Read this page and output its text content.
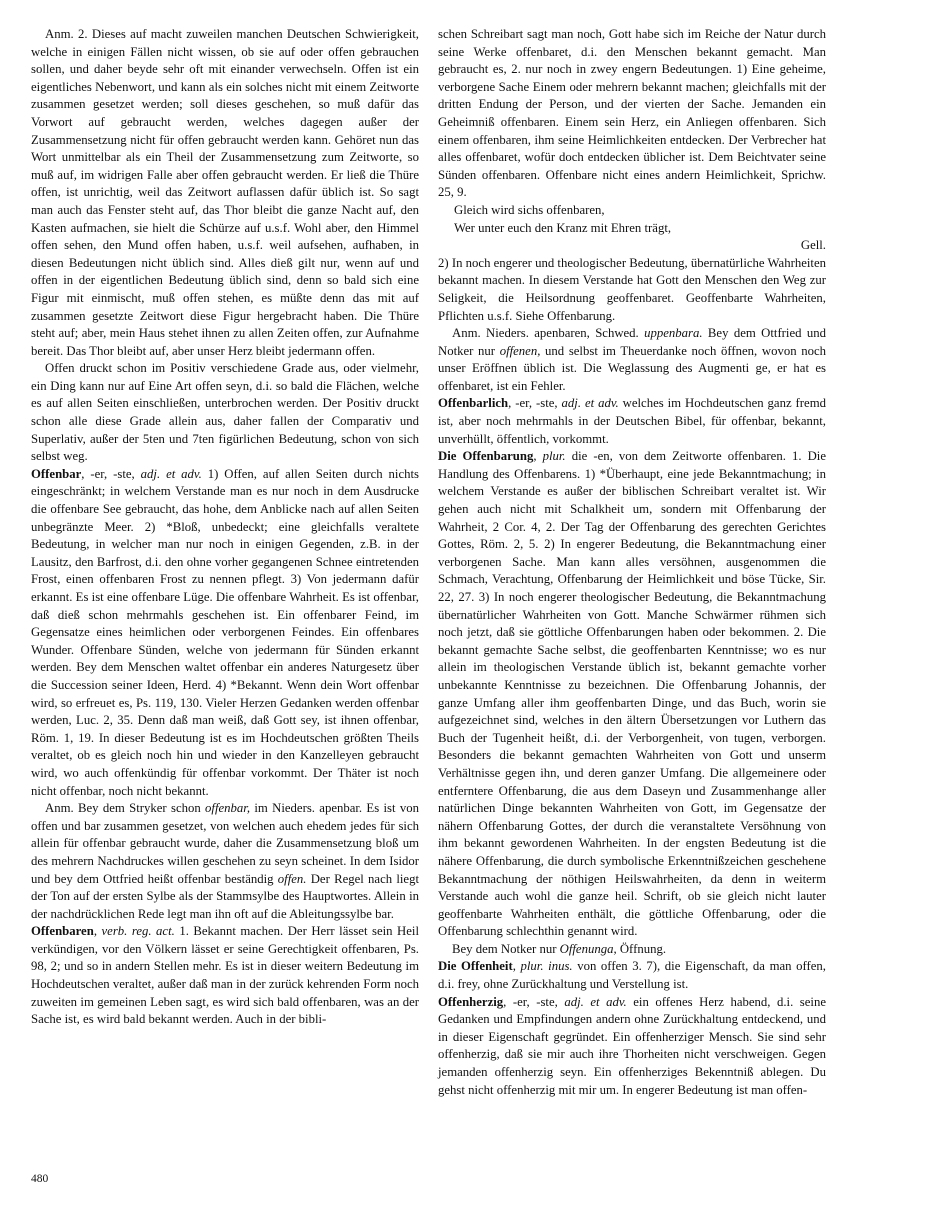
Anm. 2. Dieses auf macht zuweilen manchen Deutschen Schwierigkeit, welche in einigen Fällen nicht wissen, ob sie auf oder offen gebrauchen sollen, und daher beyde sehr oft mit einander verwechseln. Offen ist ein eigentliches Nebenwort, und kann als ein solches nicht mit einem Zeitworte zusammen gesetzet werden; soll dieses geschehen, so muß dafür das Vorwort auf gebraucht werden, welches dagegen außer der Zusammensetzung nicht für offen gebraucht werden kann. Gehöret nun das Wort unmittelbar als ein Theil der Zusammensetzung zum Zeitworte, so muß auf, im widrigen Falle aber offen gebraucht werden. Er ließ die Thüre offen, ist unrichtig, weil das Zeitwort auflassen dafür üblich ist. So sagt man auch das Fenster steht auf, das Thor bleibt die ganze Nacht auf, den Kasten aufmachen, sie hielt die Schürze auf u.s.f. Wohl aber, den Himmel offen sehen, den Mund offen haben, u.s.f. weil aufsehen, aufhaben, in diesen Bedeutungen nicht üblich sind. Alles dieß gilt nur, wenn auf und offen in der eigentlichen Bedeutung üblich sind, denn so bald sich eine Figur mit einmischt, muß offen stehen, es müßte denn das mit auf zusammen gesetzte Zeitwort diese Figur hergebracht haben. Die Thüre steht auf; aber, mein Haus stehet ihnen zu allen Zeiten offen, zur Aufnahme bereit. Das Thor bleibt auf, aber unser Herz bleibt jedermann offen.

Offen druckt schon im Positiv verschiedene Grade aus, oder vielmehr, ein Ding kann nur auf Eine Art offen seyn, d.i. so bald die Flächen, welche es auf allen Seiten einschließen, unterbrochen werden. Der Positiv druckt schon alle diese Grade allein aus, daher fallen der Comparativ und Superlativ, außer der 5ten und 7ten figürlichen Bedeutung, schon von sich selbst weg.

Offenbar, -er, -ste, adj. et adv. 1) Offen, auf allen Seiten durch nichts eingeschränkt; in welchem Verstande man es nur noch in dem Ausdrucke die offenbare See gebraucht, das hohe, dem Anblicke nach auf allen Seiten unbegränzte Meer. 2) *Bloß, unbedeckt; eine gleichfalls veraltete Bedeutung, in welcher man nur noch in einigen Gegenden, z.B. in der Lausitz, den Barfrost, d.i. den ohne vorher gegangenen Schnee eintretenden Frost, einen offenbaren Frost zu nennen pflegt. 3) Von jedermann dafür erkannt. Es ist eine offenbare Lüge. Die offenbare Wahrheit. Es ist offenbar, daß dieß schon mehrmahls geschehen ist. Ein offenbarer Feind, im Gegensatze eines heimlichen oder verborgenen Feindes. Ein offenbares Wunder. Offenbare Sünden, welche von jedermann für Sünden erkannt werden. Bey dem Menschen waltet offenbar ein anderes Naturgesetz über die Succession seiner Ideen, Herd. 4) *Bekannt. Wenn dein Wort offenbar wird, so erfreuet es, Ps. 119, 130. Vieler Herzen Gedanken werden offenbar werden, Luc. 2, 35. Denn daß man weiß, daß Gott sey, ist ihnen offenbar, Röm. 1, 19. In dieser Bedeutung ist es im Hochdeutschen größten Theils veraltet, ob es gleich noch hin und wieder in den Kanzelleyen gebraucht wird, wo auch offenkündig für offenbar vorkommt. Der Thäter ist noch nicht offenbar, noch nicht bekannt.

Anm. Bey dem Stryker schon offenbar, im Nieders. apenbar. Es ist von offen und bar zusammen gesetzet, von welchen auch ehedem jedes für sich allein für offenbar gebraucht wurde, daher die Zusammensetzung bloß um des mehrern Nachdruckes willen geschehen zu seyn scheinet. In dem Isidor und bey dem Ottfried heißt offenbar beständig offen. Der Regel nach liegt der Ton auf der ersten Sylbe als der Stammsylbe des Hauptwortes. Allein in der nachdrücklichen Rede legt man ihn oft auf die Ableitungssylbe bar.

Offenbaren, verb. reg. act. 1. Bekannt machen. Der Herr lässet sein Heil verkündigen, vor den Völkern lässet er seine Gerechtigkeit offenbaren, Ps. 98, 2; und so in andern Stellen mehr. Es ist in dieser weitern Bedeutung im Hochdeutschen veraltet, außer daß man in der zurück kehrenden Form noch zuweiten im gemeinen Leben sagt, es wird sich bald offenbaren, was an der Sache ist, es wird bald bekannt werden. Auch in der bibli-

schen Schreibart sagt man noch, Gott habe sich im Reiche der Natur durch seine Werke offenbaret, d.i. den Menschen bekannt gemacht. Man gebraucht es, 2. nur noch in zwey engern Bedeutungen. 1) Eine geheime, verborgene Sache Einem oder mehrern bekannt machen; gleichfalls mit der dritten Endung der Person, und der vierten der Sache. Jemanden ein Geheimniß offenbaren. Einem sein Herz, ein Anliegen offenbaren. Sich einem offenbaren, ihm seine Heimlichkeiten entdecken. Der Verbrecher hat alles offenbaret, wofür doch entdecken üblicher ist. Dem Beichtvater seine Sünden offenbaren. Offenbare nicht eines andern Heimlichkeit, Sprichw. 25, 9.

Gleich wird sichs offenbaren,

Wer unter euch den Kranz mit Ehren trägt,

Gell.

2) In noch engerer und theologischer Bedeutung, übernatürliche Wahrheiten bekannt machen. In diesem Verstande hat Gott den Menschen den Weg zur Seligkeit, die Heilsordnung geoffenbaret. Geoffenbarte Wahrheiten, Pflichten u.s.f. Siehe Offenbarung.

Anm. Nieders. apenbaren, Schwed. uppenbara. Bey dem Ottfried und Notker nur offenen, und selbst im Theuerdanke noch öffnen, wovon noch unser Eröffnen üblich ist. Die Weglassung des Augmenti ge, er hat es offenbaret, ist ein Fehler.

Offenbarlich, -er, -ste, adj. et adv. welches im Hochdeutschen ganz fremd ist, aber noch mehrmahls in der Deutschen Bibel, für offenbar, bekannt, unverhüllt, öffentlich, vorkommt.

Die Offenbarung, plur. die -en, von dem Zeitworte offenbaren. 1. Die Handlung des Offenbarens. 1) *Überhaupt, eine jede Bekanntmachung; in welchem Verstande es außer der biblischen Schreibart veraltet ist. Wir gehen auch nicht mit Schalkheit um, sondern mit Offenbarung der Wahrheit, 2 Cor. 4, 2. Der Tag der Offenbarung des gerechten Gerichtes Gottes, Röm. 2, 5. 2) In engerer Bedeutung, die Bekanntmachung einer verborgenen Sache. Man kann alles versöhnen, ausgenommen die Schmach, Verachtung, Offenbarung der Heimlichkeit und böse Tücke, Sir. 22, 27. 3) In noch engerer theologischer Bedeutung, die Bekanntmachung übernatürlicher Wahrheiten von Gott. Manche Schwärmer rühmen sich noch jetzt, daß sie göttliche Offenbarungen haben oder bekommen. 2. Die bekannt gemachte Sache selbst, die geoffenbarten Kenntnisse; wo es nur allein im theologischen Verstande üblich ist, bekannt gemachte vorher unbekannte Kenntnisse zu bezeichnen. Die Offenbarung Johannis, der ganze Umfang aller ihm geoffenbarten Dinge, und das Buch, worin sie aufgezeichnet sind, welches in den ältern Übersetzungen vor Luthern das Buch der Tugenheit heißt, d.i. der Verborgenheit, von tugen, verborgen. Besonders die bekannt gemachten Wahrheiten von Gott und unserm Verhältnisse gegen ihn, und deren ganzer Umfang. Die allgemeinere oder entferntere Offenbarung, die aus dem Daseyn und Zusammenhange aller natürlichen Dinge bekannten Wahrheiten von Gott, im Gegensatze der nähern Offenbarung Gottes, der durch die veranstaltete Versöhnung von ihm bekannt gewordenen Wahrheiten. In der engsten Bedeutung ist die nähere Offenbarung, die durch symbolische Erkenntnißzeichen geschehene Bekanntmachung der nöthigen Heilswahrheiten, da denn in weiterm Verstande auch wohl die ganze heil. Schrift, ob sie gleich nicht lauter geoffenbarte Wahrheiten enthält, die göttliche Offenbarung, oder die Offenbarung schlechthin genannt wird.

Bey dem Notker nur Offenunga, Öffnung.

Die Offenheit, plur. inus. von offen 3. 7), die Eigenschaft, da man offen, d.i. frey, ohne Zurückhaltung und Verstellung ist.

Offenherzig, -er, -ste, adj. et adv. ein offenes Herz habend, d.i. seine Gedanken und Empfindungen andern ohne Zurückhaltung entdeckend, und in dieser Eigenschaft gegründet. Ein offenherziger Mensch. Sie sind sehr offenherzig, daß sie mir auch ihre Thorheiten nicht verschweigen. Gegen jemanden offenherzig seyn. Ein offenherziges Bekenntniß ablegen. Du gehst nicht offenherzig mit mir um. In engerer Bedeutung ist man offen-

480
